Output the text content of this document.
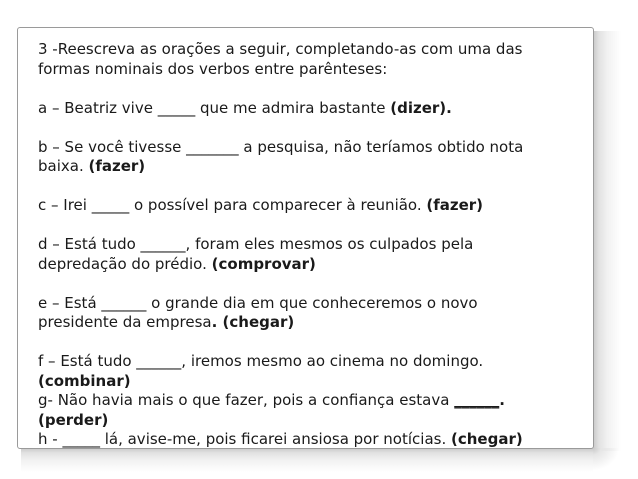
3 -Reescreva as orações a seguir, completando-as com uma das
formas nominais dos verbos entre parênteses:
a – Beatriz vive _____ que me admira bastante (dizer).
b – Se você tivesse _______ a pesquisa, não teríamos obtido nota
baixa. (fazer)
c – Irei _____ o possível para comparecer à reunião. (fazer)
d – Está tudo ______, foram eles mesmos os culpados pela
depredação do prédio. (comprovar)
e – Está ______ o grande dia em que conheceremos o novo
presidente da empresa. (chegar)
f – Está tudo ______, iremos mesmo ao cinema no domingo.
(combinar)
g- Não havia mais o que fazer, pois a confiança estava ______.
(perder)
h - _____ lá, avise-me, pois ficarei ansiosa por notícias. (chegar)
